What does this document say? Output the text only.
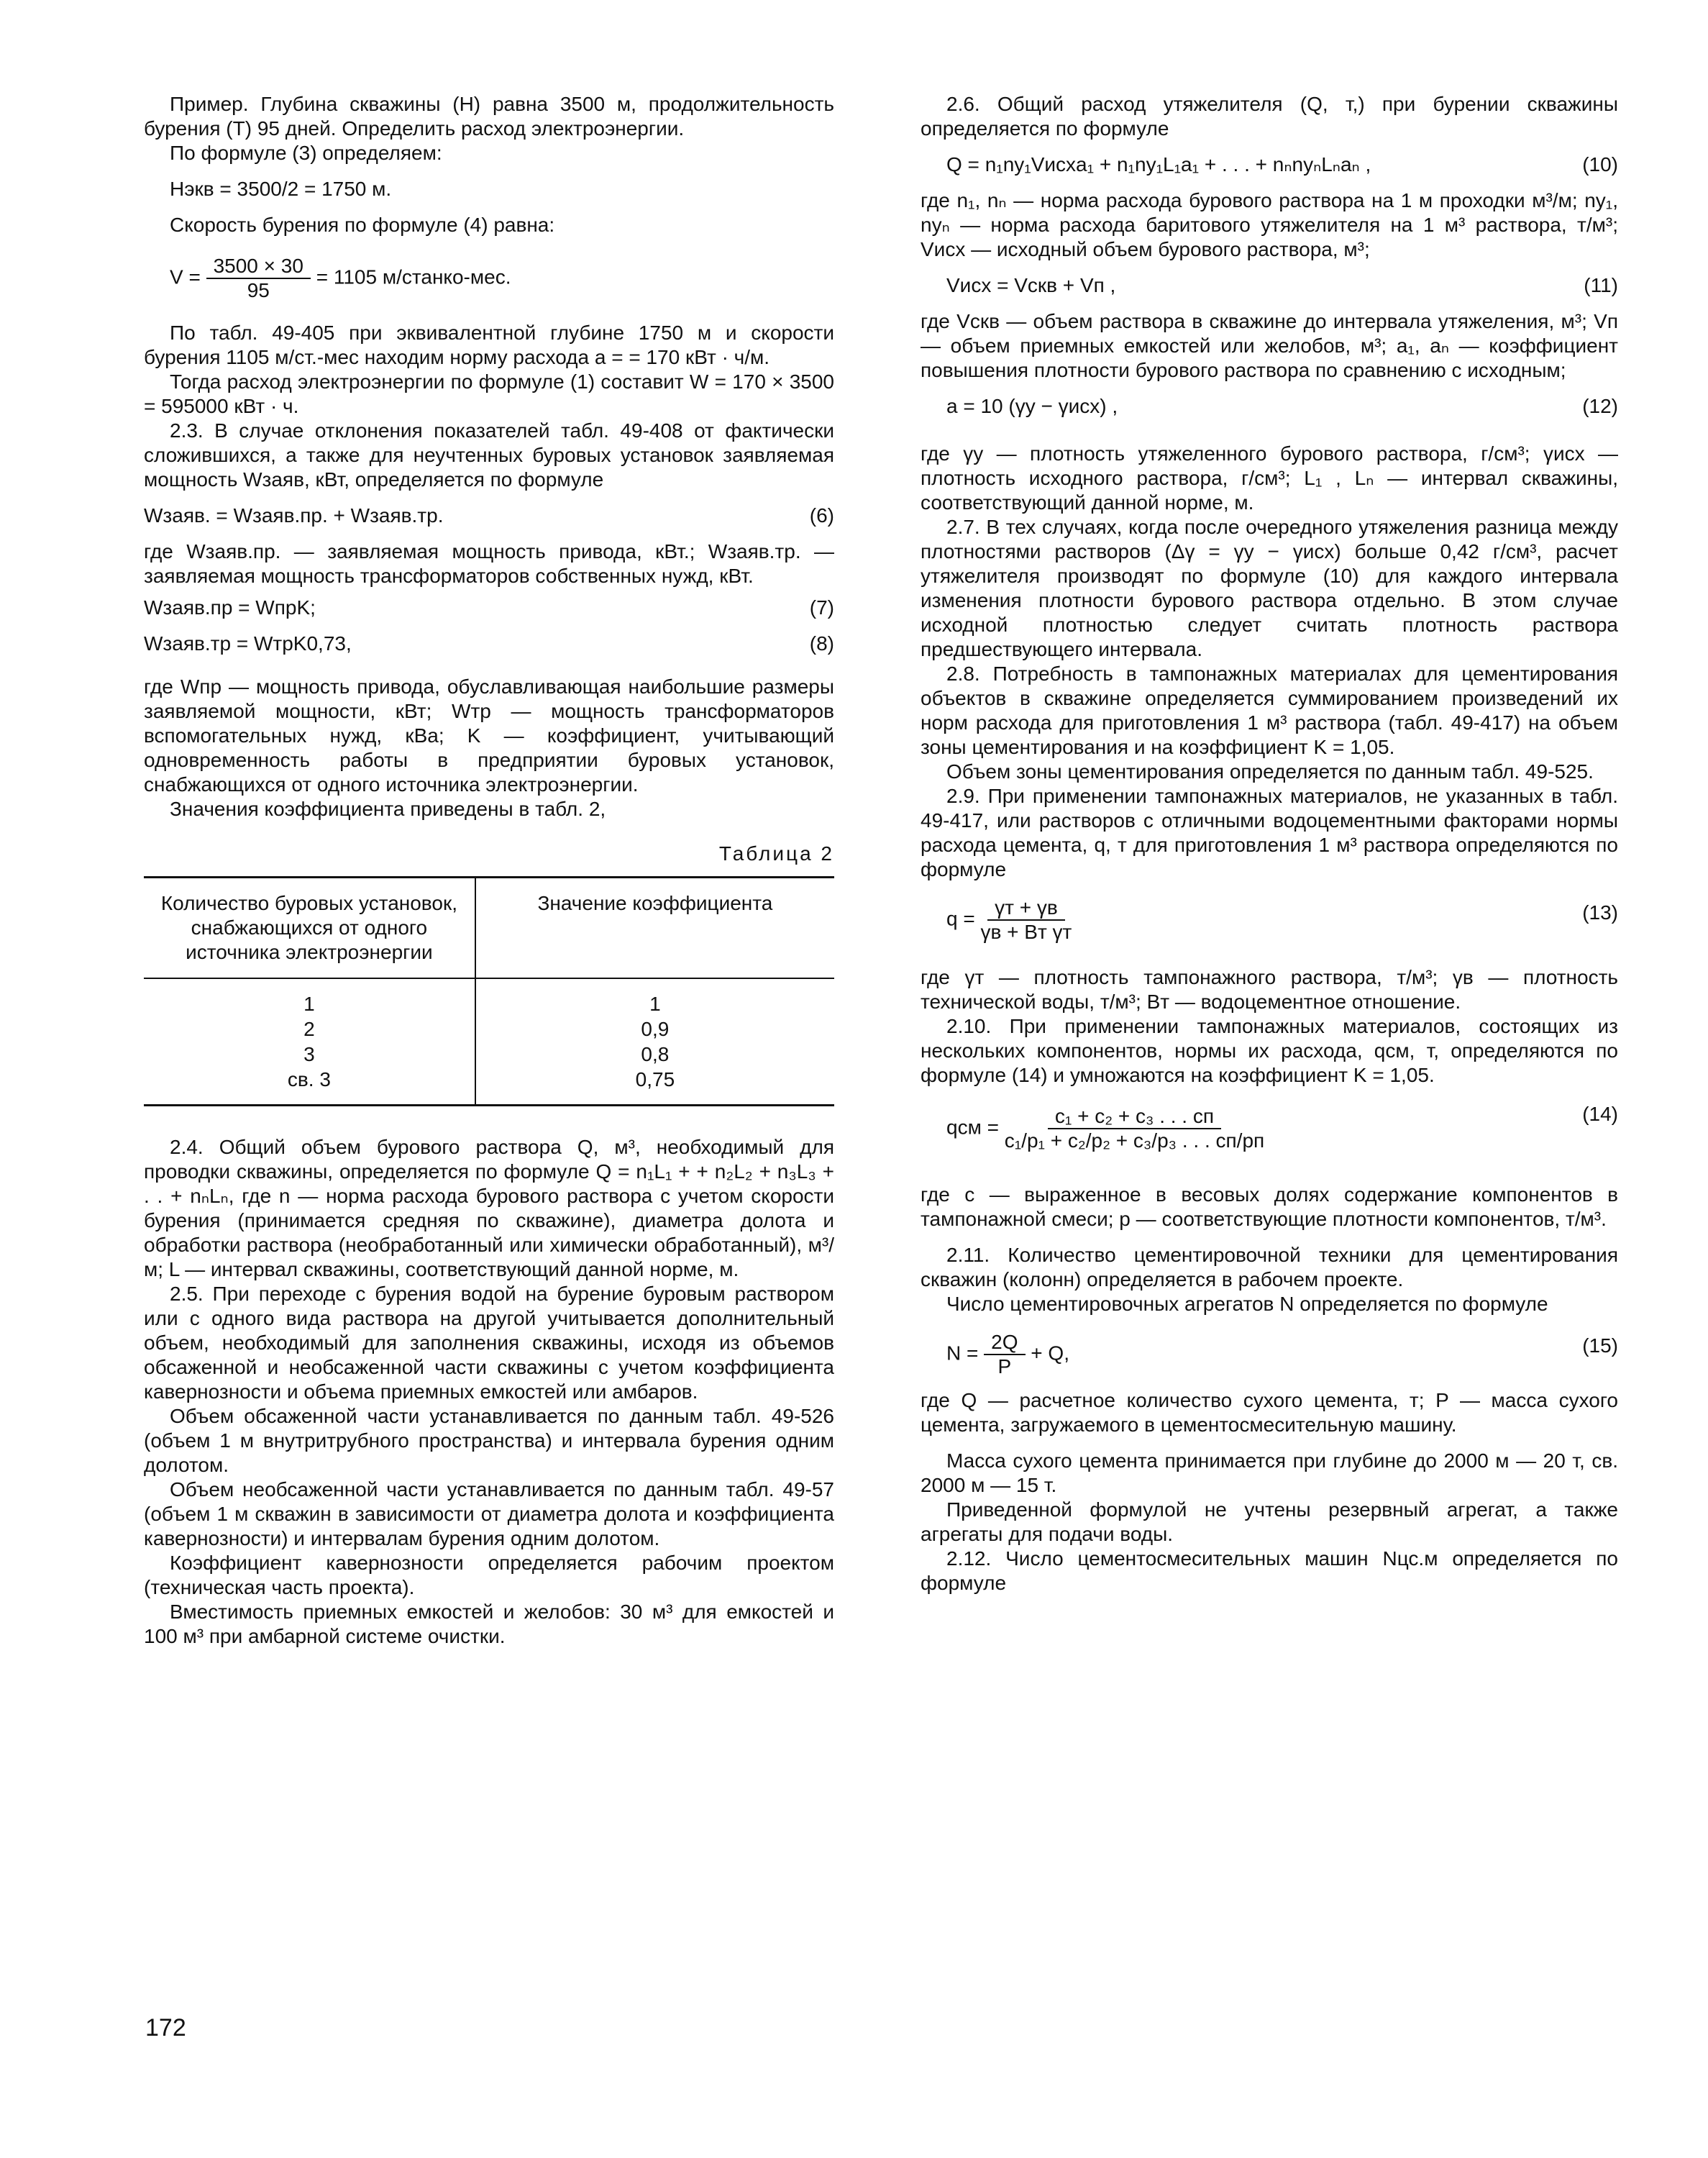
Пример. Глубина скважины (H) равна 3500 м, продолжительность бурения (T) 95 дней. Определить расход электроэнергии.

По формуле (3) определяем:

Hэкв = 3500/2 = 1750 м.

Скорость бурения по формуле (4) равна:

$V = \frac{3500 \times 30}{95} = 1105$ м/станко-мес.

По табл. 49-405 при эквивалентной глубине 1750 м и скорости бурения 1105 м/ст.-мес находим норму расхода a = = 170 кВт · ч/м.

Тогда расход электроэнергии по формуле (1) составит W = 170 × 3500 = 595000 кВт · ч.

2.3. В случае отклонения показателей табл. 49-408 от фактически сложившихся, а также для неучтенных буровых установок заявляемая мощность Wзаяв, кВт, определяется по формуле

Wзаяв. = Wзаяв.пр. + Wзаяв.тр.	(6)

где Wзаяв.пр. — заявляемая мощность привода, кВт.; Wзаяв.тр. — заявляемая мощность трансформаторов собственных нужд, кВт.

Wзаяв.пр = WпрK;	(7)
Wзаяв.тр = WтрK0,73,	(8)

где Wпр — мощность привода, обуславливающая наибольшие размеры заявляемой мощности, кВт; Wтр — мощность трансформаторов вспомогательных нужд, кВа; K — коэффициент, учитывающий одновременность работы в предприятии буровых установок, снабжающихся от одного источника электроэнергии.

Значения коэффициента приведены в табл. 2,

Таблица 2
Количество буровых установок, снабжающихся от одного источника электроэнергии	Значение коэффициента
1	1
2	0,9
3	0,8
св. 3	0,75

2.4. Общий объем бурового раствора Q, м³, необходимый для проводки скважины, определяется по формуле Q = n₁L₁ + + n₂L₂ + n₃L₃ + . . + nₙLₙ, где n — норма расхода бурового раствора с учетом скорости бурения (принимается средняя по скважине), диаметра долота и обработки раствора (необработанный или химически обработанный), м³/м; L — интервал скважины, соответствующий данной норме, м.

2.5. При переходе с бурения водой на бурение буровым раствором или с одного вида раствора на другой учитывается дополнительный объем, необходимый для заполнения скважины, исходя из объемов обсаженной и необсаженной части скважины с учетом коэффициента кавернозности и объема приемных емкостей или амбаров.

Объем обсаженной части устанавливается по данным табл. 49-526 (объем 1 м внутритрубного пространства) и интервала бурения одним долотом.

Объем необсаженной части устанавливается по данным табл. 49-57 (объем 1 м скважин в зависимости от диаметра долота и коэффициента кавернозности) и интервалам бурения одним долотом.

Коэффициент кавернозности определяется рабочим проектом (техническая часть проекта).

Вместимость приемных емкостей и желобов: 30 м³ для емкостей и 100 м³ при амбарной системе очистки.

2.6. Общий расход утяжелителя (Q, т,) при бурении скважины определяется по формуле

Q = n₁ny₁Vисхa₁ + n₁ny₁L₁a₁ + . . . + nₙnyₙLₙaₙ ,	(10)

где n₁, nₙ — норма расхода бурового раствора на 1 м проходки м³/м; ny₁, nyₙ — норма расхода баритового утяжелителя на 1 м³ раствора, т/м³; Vисх — исходный объем бурового раствора, м³;

Vисх = Vскв + Vп ,	(11)

где Vскв — объем раствора в скважине до интервала утяжеления, м³; Vп — объем приемных емкостей или желобов, м³; a₁, aₙ — коэффициент повышения плотности бурового раствора по сравнению с исходным;

a = 10 (γу − γисх) ,	(12)

где γу — плотность утяжеленного бурового раствора, г/см³; γисх — плотность исходного раствора, г/см³; L₁ , Lₙ — интервал скважины, соответствующий данной норме, м.

2.7. В тех случаях, когда после очередного утяжеления разница между плотностями растворов (Δγ = γу − γисх) больше 0,42 г/см³, расчет утяжелителя производят по формуле (10) для каждого интервала изменения плотности бурового раствора отдельно. В этом случае исходной плотностью следует считать плотность раствора предшествующего интервала.

2.8. Потребность в тампонажных материалах для цементирования объектов в скважине определяется суммированием произведений их норм расхода для приготовления 1 м³ раствора (табл. 49-417) на объем зоны цементирования и на коэффициент K = 1,05.

Объем зоны цементирования определяется по данным табл. 49-525.

2.9. При применении тампонажных материалов, не указанных в табл. 49-417, или растворов с отличными водоцементными факторами нормы расхода цемента, q, т для приготовления 1 м³ раствора определяются по формуле

$q = \frac{\gamma т + \gamma в}{\text{γв + Bт γт}}$	(13)

где γт — плотность тампонажного раствора, т/м³; γв — плотность технической воды, т/м³; Bт — водоцементное отношение.

2.10. При применении тампонажных материалов, состоящих из нескольких компонентов, нормы их расхода, qсм, т, определяются по формуле (14) и умножаются на коэффициент K = 1,05.

qсм = $\frac{\text{c₁ + c₂ + c₃ . . . cп}}{\text{c₁/p₁ + c₂/p₂ + c₃/p₃ . . . cп/pп}}$	(14)

где c — выраженное в весовых долях содержание компонентов в тампонажной смеси; p — соответствующие плотности компонентов, т/м³.

2.11. Количество цементировочной техники для цементирования скважин (колонн) определяется в рабочем проекте.

Число цементировочных агрегатов N определяется по формуле

$N = \frac{2Q}{P} + Q$,	(15)

где Q — расчетное количество сухого цемента, т; P — масса сухого цемента, загружаемого в цементосмесительную машину.

Масса сухого цемента принимается при глубине до 2000 м — 20 т, св. 2000 м — 15 т.

Приведенной формулой не учтены резервный агрегат, а также агрегаты для подачи воды.

2.12. Число цементосмесительных машин Nцс.м определяется по формуле

172
